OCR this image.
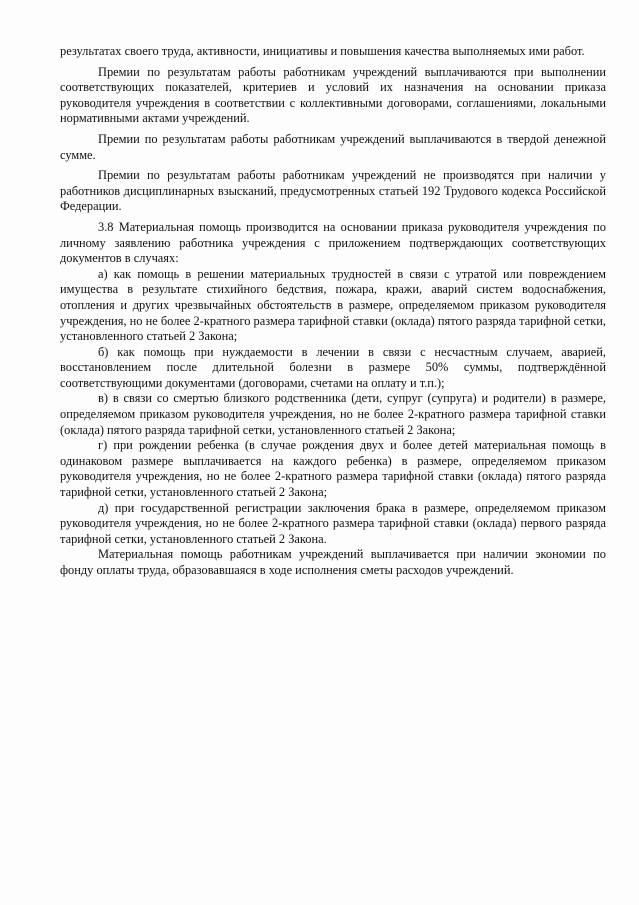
результатах своего труда, активности, инициативы и повышения качества выполняемых ими работ.

Премии по результатам работы работникам учреждений выплачиваются при выполнении соответствующих показателей, критериев и условий их назначения на основании приказа руководителя учреждения в соответствии с коллективными договорами, соглашениями, локальными нормативными актами учреждений.

Премии по результатам работы работникам учреждений выплачиваются в твердой денежной сумме.

Премии по результатам работы работникам учреждений не производятся при наличии у работников дисциплинарных взысканий, предусмотренных статьей 192 Трудового кодекса Российской Федерации.

3.8 Материальная помощь производится на основании приказа руководителя учреждения по личному заявлению работника учреждения с приложением подтверждающих соответствующих документов в случаях:

а) как помощь в решении материальных трудностей в связи с утратой или повреждением имущества в результате стихийного бедствия, пожара, кражи, аварий систем водоснабжения, отопления и других чрезвычайных обстоятельств в размере, определяемом приказом руководителя учреждения, но не более 2-кратного размера тарифной ставки (оклада) пятого разряда тарифной сетки, установленного статьей 2 Закона;

б) как помощь при нуждаемости в лечении в связи с несчастным случаем, аварией, восстановлением после длительной болезни в размере 50% суммы, подтверждённой соответствующими документами (договорами, счетами на оплату и т.п.);

в) в связи со смертью близкого родственника (дети, супруг (супруга) и родители) в размере, определяемом приказом руководителя учреждения, но не более 2-кратного размера тарифной ставки (оклада) пятого разряда тарифной сетки, установленного статьей 2 Закона;

г) при рождении ребенка (в случае рождения двух и более детей материальная помощь в одинаковом размере выплачивается на каждого ребенка) в размере, определяемом приказом руководителя учреждения, но не более 2-кратного размера тарифной ставки (оклада) пятого разряда тарифной сетки, установленного статьей 2 Закона;

д) при государственной регистрации заключения брака в размере, определяемом приказом руководителя учреждения, но не более 2-кратного размера тарифной ставки (оклада) первого разряда тарифной сетки, установленного статьей 2 Закона.

Материальная помощь работникам учреждений выплачивается при наличии экономии по фонду оплаты труда, образовавшаяся в ходе исполнения сметы расходов учреждений.
